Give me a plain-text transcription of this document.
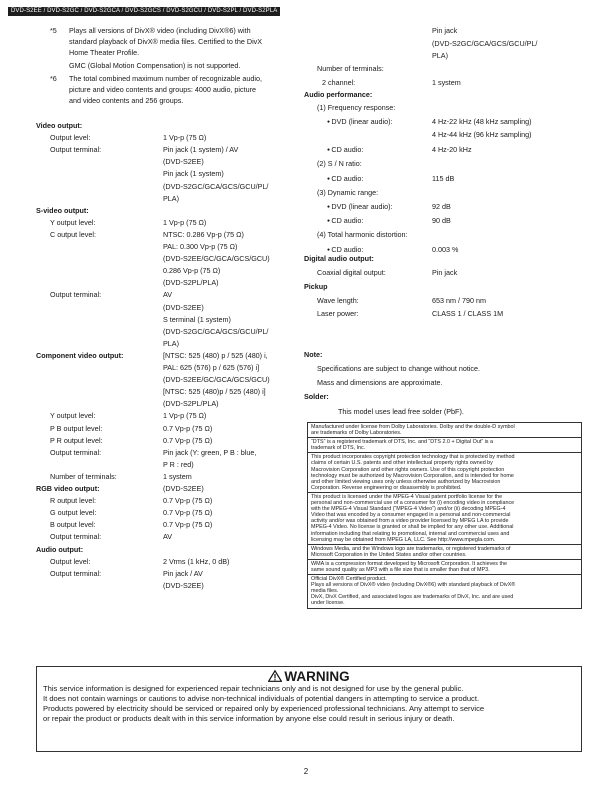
DVD-S2EE / DVD-S2GC / DVD-S2GCA / DVD-S2GCS / DVD-S2GCU / DVD-S2PL / DVD-S2PLA
*5 Plays all versions of DivX® video (including DivX®6) with
standard playback of DivX® media files. Certified to the DivX
Home Theater Profile.
GMC (Global Motion Compensation) is not supported.
*6 The total combined maximum number of recognizable audio,
picture and video contents and groups: 4000 audio, picture
and video contents and 256 groups.
Video output:
Output level:	1 Vp-p (75 Ω)
Output terminal:	Pin jack (1 system) / AV
(DVD-S2EE)
Pin jack (1 system)
(DVD-S2GC/GCA/GCS/GCU/PL/
PLA)
S-video output:
Y output level:	1 Vp-p (75 Ω)
C output level:	NTSC: 0.286 Vp-p (75 Ω)
PAL: 0.300 Vp-p (75 Ω)
(DVD-S2EE/GC/GCA/GCS/GCU)
0.286 Vp-p (75 Ω)
(DVD-S2PL/PLA)
Output terminal:	AV
(DVD-S2EE)
S terminal (1 system)
(DVD-S2GC/GCA/GCS/GCU/PL/
PLA)
Component video output:	[NTSC: 525 (480) p / 525 (480) i,
PAL: 625 (576) p / 625 (576) i]
(DVD-S2EE/GC/GCA/GCS/GCU)
[NTSC: 525 (480)p / 525 (480) i]
(DVD-S2PL/PLA)
Y output level:	1 Vp-p (75 Ω)
P B output level:	0.7 Vp-p (75 Ω)
P R output level:	0.7 Vp-p (75 Ω)
Output terminal:	Pin jack (Y: green, P B : blue,
P R : red)
Number of terminals:	1 system
RGB video output:	(DVD-S2EE)
R output level:	0.7 Vp-p (75 Ω)
G output level:	0.7 Vp-p (75 Ω)
B output level:	0.7 Vp-p (75 Ω)
Output terminal:	AV
Audio output:
Output level:	2 Vrms (1 kHz, 0 dB)
Output terminal:	Pin jack / AV
(DVD-S2EE)
Pin jack
(DVD-S2GC/GCA/GCS/GCU/PL/
PLA)
Number of terminals:
2 channel:	1 system
Audio performance:
(1) Frequency response:
● DVD (linear audio):	4 Hz-22 kHz (48 kHz sampling)
4 Hz-44 kHz (96 kHz sampling)
● CD audio:	4 Hz-20 kHz
(2) S / N ratio:
● CD audio:	115 dB
(3) Dynamic range:
● DVD (linear audio):	92 dB
● CD audio:	90 dB
(4) Total harmonic distortion:
● CD audio:	0.003 %
Digital audio output:
Coaxial digital output:	Pin jack
Pickup
Wave length:	653 nm / 790 nm
Laser power:	CLASS 1 / CLASS 1M
Note:
Specifications are subject to change without notice.
Mass and dimensions are approximate.
Solder:
This model uses lead free solder (PbF).
Manufactured under license from Dolby Laboratories. Dolby and the double-D symbol
are trademarks of Dolby Laboratories.
“DTS” is a registered trademark of DTS, Inc. and “DTS 2.0 + Digital Out” is a
trademark of DTS, Inc.
This product incorporates copyright protection technology that is protected by method
claims of certain U.S. patents and other intellectual property rights owned by
Macrovision Corporation and other rights owners. Use of this copyright protection
technology must be authorized by Macrovision Corporation, and is intended for home
and other limited viewing uses only unless otherwise authorized by Macrovision
Corporation. Reverse engineering or disassembly is prohibited.
This product is licensed under the MPEG-4 Visual patent portfolio license for the
personal and non-commercial use of a consumer for (i) encoding video in compliance
with the MPEG-4 Visual Standard (“MPEG-4 Video”) and/or (ii) decoding MPEG-4
Video that was encoded by a consumer engaged in a personal and non-commercial
activity and/or was obtained from a video provider licensed by MPEG LA to provide
MPEG-4 Video. No license is granted or shall be implied for any other use. Additional
information including that relating to promotional, internal and commercial uses and
licensing may be obtained from MPEG LA, LLC. See http://www.mpegla.com.
Windows Media, and the Windows logo are trademarks, or registered trademarks of
Microsoft Corporation in the United States and/or other countries.
WMA is a compression format developed by Microsoft Corporation. It achieves the
same sound quality as MP3 with a file size that is smaller than that of MP3.
Official DivX® Certified product.
Plays all versions of DivX® video (including DivX®6) with standard playback of DivX®
media files.
DivX, DivX Certified, and associated logos are trademarks of DivX, Inc. and are used
under license.
WARNING
This service information is designed for experienced repair technicians only and is not designed for use by the general public.
It does not contain warnings or cautions to advise non-technical individuals of potential dangers in attempting to service a product.
Products powered by electricity should be serviced or repaired only by experienced professional technicians. Any attempt to service
or repair the product or products dealt with in this service information by anyone else could result in serious injury or death.
2
